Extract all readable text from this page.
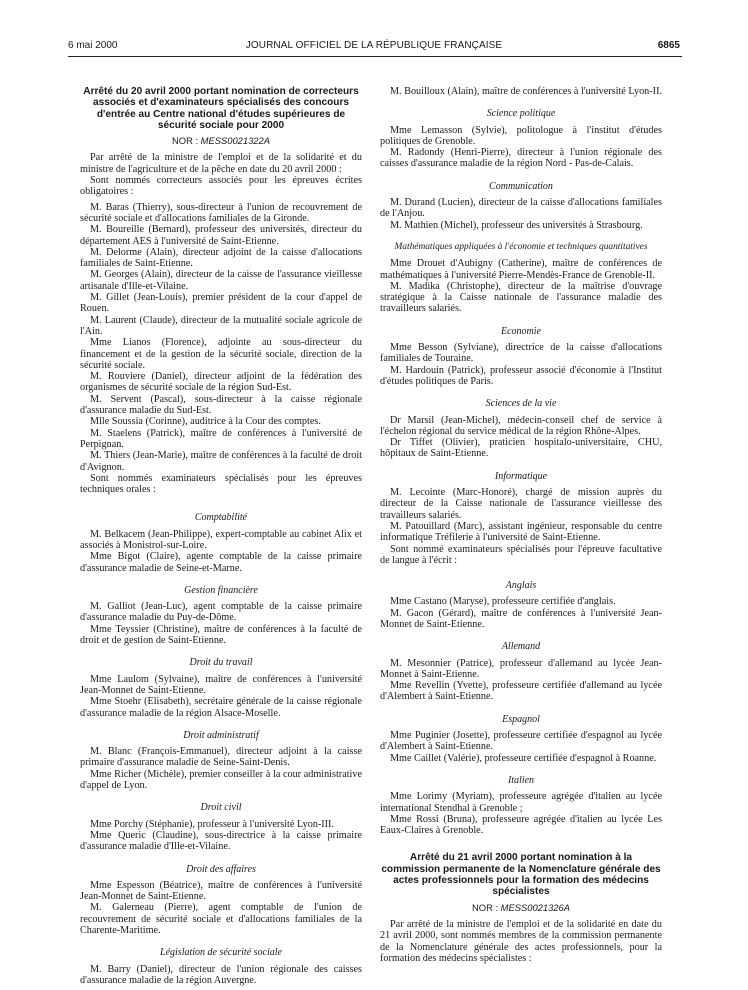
6 mai 2000	JOURNAL OFFICIEL DE LA RÉPUBLIQUE FRANÇAISE	6865
Arrêté du 20 avril 2000 portant nomination de correcteurs associés et d'examinateurs spécialisés des concours d'entrée au Centre national d'études supérieures de sécurité sociale pour 2000
NOR : MESS0021322A

Par arrêté de la ministre de l'emploi et de la solidarité et du ministre de l'agriculture et de la pêche en date du 20 avril 2000 :

Sont nommés correcteurs associés pour les épreuves écrites obligatoires :

M. Baras (Thierry), sous-directeur à l'union de recouvrement de sécurité sociale et d'allocations familiales de la Gironde.

M. Boureille (Bernard), professeur des universités, directeur du département AES à l'université de Saint-Etienne.

M. Delorme (Alain), directeur adjoint de la caisse d'allocations familiales de Saint-Etienne.

M. Georges (Alain), directeur de la caisse de l'assurance vieillesse artisanale d'Ille-et-Vilaine.

M. Gillet (Jean-Louis), premier président de la cour d'appel de Rouen.

M. Laurent (Claude), directeur de la mutualité sociale agricole de l'Ain.

Mme Lianos (Florence), adjointe au sous-directeur du financement et de la gestion de la sécurité sociale, direction de la sécurité sociale.

M. Rouviere (Daniel), directeur adjoint de la fédération des organismes de sécurité sociale de la région Sud-Est.

M. Servent (Pascal), sous-directeur à la caisse régionale d'assurance maladie du Sud-Est.

Mlle Soussia (Corinne), auditrice à la Cour des comptes.

M. Staelens (Patrick), maître de conférences à l'université de Perpignan.

M. Thiers (Jean-Marie), maître de conférences à la faculté de droit d'Avignon.

Sont nommés examinateurs spécialisés pour les épreuves techniques orales :

Comptabilité

M. Belkacem (Jean-Philippe), expert-comptable au cabinet Alix et associés à Monistrol-sur-Loire.

Mme Bigot (Claire), agente comptable de la caisse primaire d'assurance maladie de Seine-et-Marne.

Gestion financière

M. Galliot (Jean-Luc), agent comptable de la caisse primaire d'assurance maladie du Puy-de-Dôme.

Mme Teyssier (Christine), maître de conférences à la faculté de droit et de gestion de Saint-Etienne.

Droit du travail

Mme Laulom (Sylvaine), maître de conférences à l'université Jean-Monnet de Saint-Etienne.

Mme Stoehr (Elisabeth), secrétaire générale de la caisse régionale d'assurance maladie de la région Alsace-Moselle.

Droit administratif

M. Blanc (François-Emmanuel), directeur adjoint à la caisse primaire d'assurance maladie de Seine-Saint-Denis.

Mme Richer (Michèle), premier conseiller à la cour administrative d'appel de Lyon.

Droit civil

Mme Porchy (Stéphanie), professeur à l'université Lyon-III.

Mme Queric (Claudine), sous-directrice à la caisse primaire d'assurance maladie d'Ille-et-Vilaine.

Droit des affaires

Mme Espesson (Béatrice), maître de conférences à l'université Jean-Monnet de Saint-Etienne.

M. Galerneau (Pierre), agent comptable de l'union de recouvrement de sécurité sociale et d'allocations familiales de la Charente-Maritime.

Législation de sécurité sociale

M. Barry (Daniel), directeur de l'union régionale des caisses d'assurance maladie de la région Auvergne.

M. Bouilloux (Alain), maître de conférences à l'université Lyon-II.

Science politique

Mme Lemasson (Sylvie), politologue à l'institut d'études politiques de Grenoble.

M. Radondy (Henri-Pierre), directeur à l'union régionale des caisses d'assurance maladie de la région Nord - Pas-de-Calais.

Communication

M. Durand (Lucien), directeur de la caisse d'allocations familiales de l'Anjou.

M. Mathien (Michel), professeur des universités à Strasbourg.

Mathématiques appliquées à l'économie et techniques quantitatives

Mme Drouet d'Aubigny (Catherine), maître de conférences de mathématiques à l'université Pierre-Mendès-France de Grenoble-II.

M. Madika (Christophe), directeur de la maîtrise d'ouvrage stratégique à la Caisse nationale de l'assurance maladie des travailleurs salariés.

Economie

Mme Besson (Sylviane), directrice de la caisse d'allocations familiales de Touraine.

M. Hardouin (Patrick), professeur associé d'économie à l'Institut d'études politiques de Paris.

Sciences de la vie

Dr Marsil (Jean-Michel), médecin-conseil chef de service à l'échelon régional du service médical de la région Rhône-Alpes.

Dr Tiffet (Olivier), praticien hospitalo-universitaire, CHU, hôpitaux de Saint-Etienne.

Informatique

M. Lecointe (Marc-Honoré), chargé de mission auprès du directeur de la Caisse nationale de l'assurance vieillesse des travailleurs salariés.

M. Patouillard (Marc), assistant ingénieur, responsable du centre informatique Tréfilerie à l'université de Saint-Etienne.

Sont nommé examinateurs spécialisés pour l'épreuve facultative de langue à l'écrit :

Anglais

Mme Castano (Maryse), professeure certifiée d'anglais.

M. Gacon (Gérard), maître de conférences à l'université Jean-Monnet de Saint-Etienne.

Allemand

M. Mesonnier (Patrice), professeur d'allemand au lycée Jean-Monnet à Saint-Etienne.

Mme Revellin (Yvette), professeure certifiée d'allemand au lycée d'Alembert à Saint-Etienne.

Espagnol

Mme Puginier (Josette), professeure certifiée d'espagnol au lycée d'Alembert à Saint-Etienne.

Mme Caillet (Valérie), professeure certifiée d'espagnol à Roanne.

Italien

Mme Lorimy (Myriam), professeure agrégée d'italien au lycée international Stendhal à Grenoble ;

Mme Rossi (Bruna), professeure agrégée d'italien au lycée Les Eaux-Claires à Grenoble.

Arrêté du 21 avril 2000 portant nomination à la commission permanente de la Nomenclature générale des actes professionnels pour la formation des médecins spécialistes
NOR : MESS0021326A

Par arrêté de la ministre de l'emploi et de la solidarité en date du 21 avril 2000, sont nommés membres de la commission permanente de la Nomenclature générale des actes professionnels, pour la formation des médecins spécialistes :
